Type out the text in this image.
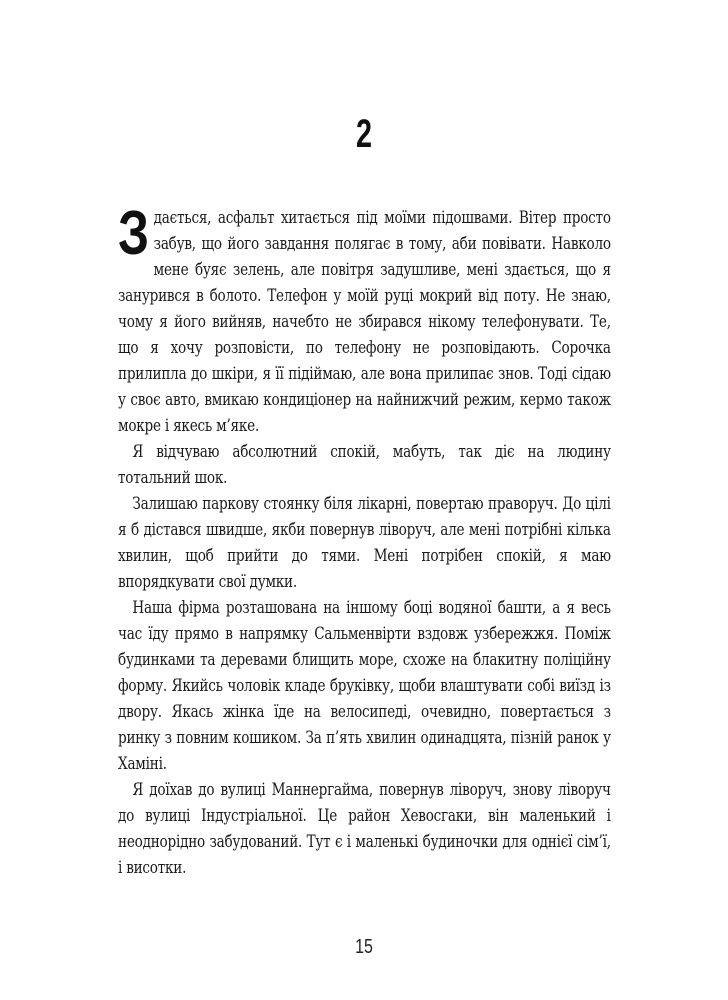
2

Здається, асфальт хитається під моїми підошвами. Вітер просто забув, що його завдання полягає в тому, аби повівати. Навколо мене буяє зелень, але повітря задушливе, мені здається, що я занурився в болото. Телефон у моїй руці мокрий від поту. Не знаю, чому я його вийняв, начебто не збирався нікому телефонувати. Те, що я хочу розповісти, по телефону не розповідають. Сорочка прилипла до шкіри, я її підіймаю, але вона прилипає знов. Тоді сідаю у своє авто, вмикаю кондиціонер на найнижчий режим, кермо також мокре і якесь м’яке.

Я відчуваю абсолютний спокій, мабуть, так діє на людину тотальний шок.

Залишаю паркову стоянку біля лікарні, повертаю праворуч. До цілі я б дістався швидше, якби повернув ліворуч, але мені потрібні кілька хвилин, щоб прийти до тями. Мені потрібен спокій, я маю впорядкувати свої думки.

Наша фірма розташована на іншому боці водяної башти, а я весь час їду прямо в напрямку Сальменвірти вздовж узбережжя. Поміж будинками та деревами блищить море, схоже на блакитну поліційну форму. Якийсь чоловік кладе бруківку, щоби влаштувати собі виїзд із двору. Якась жінка їде на велосипеді, очевидно, повертається з ринку з повним кошиком. За п’ять хвилин одинадцята, пізній ранок у Хаміні.

Я доїхав до вулиці Маннергайма, повернув ліворуч, знову ліворуч до вулиці Індустріальної. Це район Хевосгаки, він маленький і неоднорідно забудований. Тут є і маленькі будиночки для однієї сім’ї, і висотки.

15
